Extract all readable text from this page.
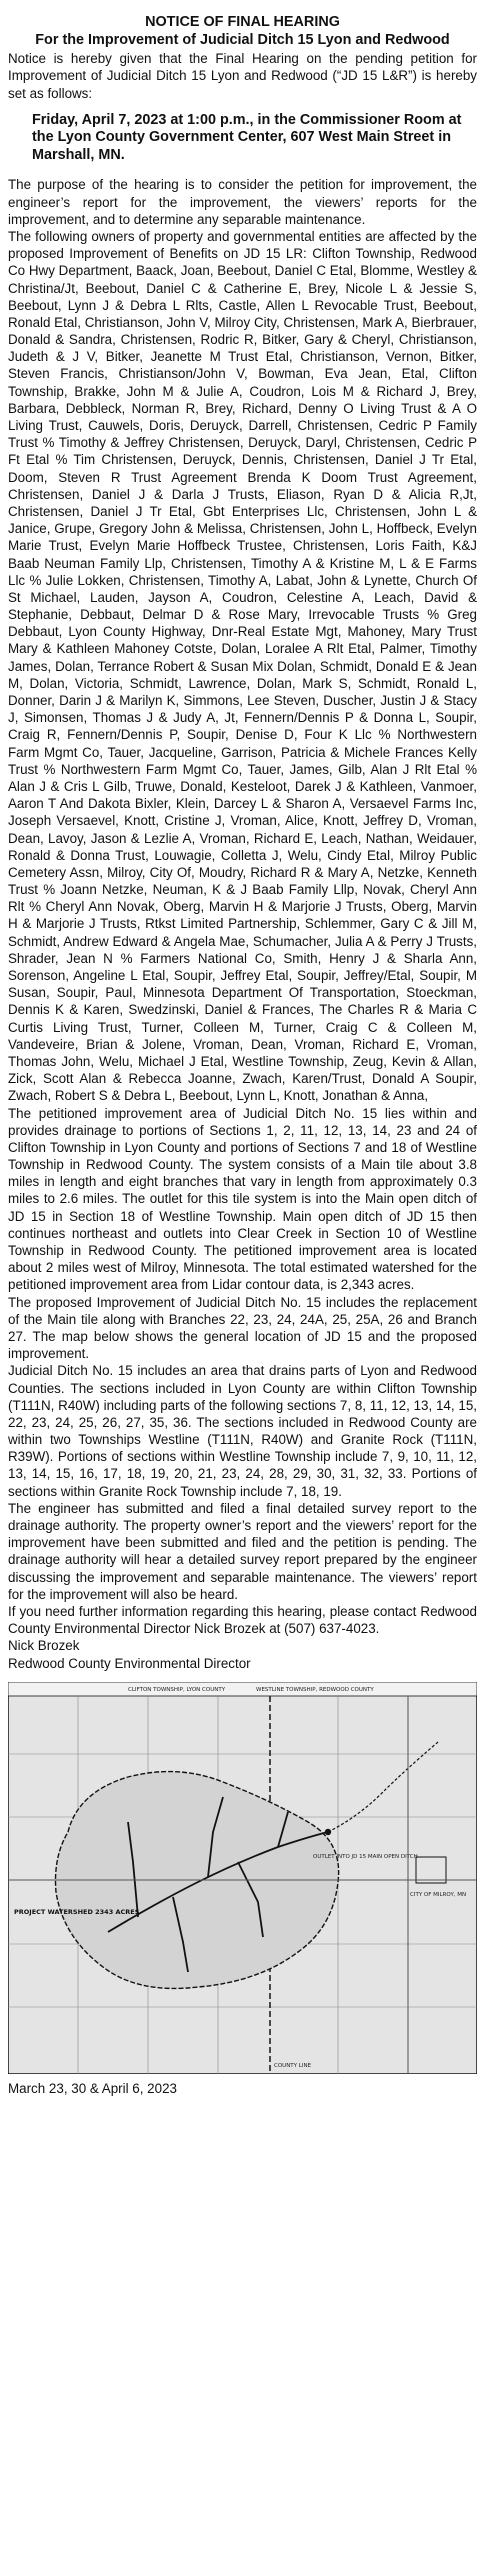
NOTICE OF FINAL HEARING
For the Improvement of Judicial Ditch 15 Lyon and Redwood

Notice is hereby given that the Final Hearing on the pending petition for Improvement of Judicial Ditch 15 Lyon and Redwood (“JD 15 L&R”) is hereby set as follows:

Friday, April 7, 2023 at 1:00 p.m., in the Commissioner Room at the Lyon County Government Center, 607 West Main Street in Marshall, MN.

The purpose of the hearing is to consider the petition for improvement, the engineer’s report for the improvement, the viewers’ reports for the improvement, and to determine any separable maintenance.

The following owners of property and governmental entities are affected by the proposed Improvement of Benefits on JD 15 LR: Clifton Township, Redwood Co Hwy Department, Baack, Joan, Beebout, Daniel C Etal, Blomme, Westley & Christina/Jt, Beebout, Daniel C & Catherine E, Brey, Nicole L & Jessie S, Beebout, Lynn J & Debra L Rlts, Castle, Allen L Revocable Trust, Beebout, Ronald Etal, Christianson, John V, Milroy City, Christensen, Mark A, Bierbrauer, Donald & Sandra, Christensen, Rodric R, Bitker, Gary & Cheryl, Christianson, Judeth & J V, Bitker, Jeanette M Trust Etal, Christianson, Vernon, Bitker, Steven Francis, Christianson/John V, Bowman, Eva Jean, Etal, Clifton Township, Brakke, John M & Julie A, Coudron, Lois M & Richard J, Brey, Barbara, Debbleck, Norman R, Brey, Richard, Denny O Living Trust & A O Living Trust, Cauwels, Doris, Deruyck, Darrell, Christensen, Cedric P Family Trust % Timothy & Jeffrey Christensen, Deruyck, Daryl, Christensen, Cedric P Ft Etal % Tim Christensen, Deruyck, Dennis, Christensen, Daniel J Tr Etal, Doom, Steven R Trust Agreement Brenda K Doom Trust Agreement, Christensen, Daniel J & Darla J Trusts, Eliason, Ryan D & Alicia R,Jt, Christensen, Daniel J Tr Etal, Gbt Enterprises Llc, Christensen, John L & Janice, Grupe, Gregory John & Melissa, Christensen, John L, Hoffbeck, Evelyn Marie Trust, Evelyn Marie Hoffbeck Trustee, Christensen, Loris Faith, K&J Baab Neuman Family Llp, Christensen, Timothy A & Kristine M, L & E Farms Llc % Julie Lokken, Christensen, Timothy A, Labat, John & Lynette, Church Of St Michael, Lauden, Jayson A, Coudron, Celestine A, Leach, David & Stephanie, Debbaut, Delmar D & Rose Mary, Irrevocable Trusts % Greg Debbaut, Lyon County Highway, Dnr-Real Estate Mgt, Mahoney, Mary Trust Mary & Kathleen Mahoney Cotste, Dolan, Loralee A Rlt Etal, Palmer, Timothy James, Dolan, Terrance Robert & Susan Mix Dolan, Schmidt, Donald E & Jean M, Dolan, Victoria, Schmidt, Lawrence, Dolan, Mark S, Schmidt, Ronald L, Donner, Darin J & Marilyn K, Simmons, Lee Steven, Duscher, Justin J & Stacy J, Simonsen, Thomas J & Judy A, Jt, Fennern/Dennis P & Donna L, Soupir, Craig R, Fennern/Dennis P, Soupir, Denise D, Four K Llc % Northwestern Farm Mgmt Co, Tauer, Jacqueline, Garrison, Patricia & Michele Frances Kelly Trust % Northwestern Farm Mgmt Co, Tauer, James, Gilb, Alan J Rlt Etal % Alan J & Cris L Gilb, Truwe, Donald, Kesteloot, Darek J & Kathleen, Vanmoer, Aaron T And Dakota Bixler, Klein, Darcey L & Sharon A, Versaevel Farms Inc, Joseph Versaevel, Knott, Cristine J, Vroman, Alice, Knott, Jeffrey D, Vroman, Dean, Lavoy, Jason & Lezlie A, Vroman, Richard E, Leach, Nathan, Weidauer, Ronald & Donna Trust, Louwagie, Colletta J, Welu, Cindy Etal, Milroy Public Cemetery Assn, Milroy, City Of, Moudry, Richard R & Mary A, Netzke, Kenneth Trust % Joann Netzke, Neuman, K & J Baab Family Lllp, Novak, Cheryl Ann Rlt % Cheryl Ann Novak, Oberg, Marvin H & Marjorie J Trusts, Oberg, Marvin H & Marjorie J Trusts, Rtkst Limited Partnership, Schlemmer, Gary C & Jill M, Schmidt, Andrew Edward & Angela Mae, Schumacher, Julia A & Perry J Trusts, Shrader, Jean N % Farmers National Co, Smith, Henry J & Sharla Ann, Sorenson, Angeline L Etal, Soupir, Jeffrey Etal, Soupir, Jeffrey/Etal, Soupir, M Susan, Soupir, Paul, Minnesota Department Of Transportation, Stoeckman, Dennis K & Karen, Swedzinski, Daniel & Frances, The Charles R & Maria C Curtis Living Trust, Turner, Colleen M, Turner, Craig C & Colleen M, Vandeveire, Brian & Jolene, Vroman, Dean, Vroman, Richard E, Vroman, Thomas John, Welu, Michael J Etal, Westline Township, Zeug, Kevin & Allan, Zick, Scott Alan & Rebecca Joanne, Zwach, Karen/Trust, Donald A Soupir, Zwach, Robert S & Debra L, Beebout, Lynn L, Knott, Jonathan & Anna,

The petitioned improvement area of Judicial Ditch No. 15 lies within and provides drainage to portions of Sections 1, 2, 11, 12, 13, 14, 23 and 24 of Clifton Township in Lyon County and portions of Sections 7 and 18 of Westline Township in Redwood County. The system consists of a Main tile about 3.8 miles in length and eight branches that vary in length from approximately 0.3 miles to 2.6 miles. The outlet for this tile system is into the Main open ditch of JD 15 in Section 18 of Westline Township. Main open ditch of JD 15 then continues northeast and outlets into Clear Creek in Section 10 of Westline Township in Redwood County. The petitioned improvement area is located about 2 miles west of Milroy, Minnesota. The total estimated watershed for the petitioned improvement area from Lidar contour data, is 2,343 acres.

The proposed Improvement of Judicial Ditch No. 15 includes the replacement of the Main tile along with Branches 22, 23, 24, 24A, 25, 25A, 26 and Branch 27. The map below shows the general location of JD 15 and the proposed improvement.

Judicial Ditch No. 15 includes an area that drains parts of Lyon and Redwood Counties. The sections included in Lyon County are within Clifton Township (T111N, R40W) including parts of the following sections 7, 8, 11, 12, 13, 14, 15, 22, 23, 24, 25, 26, 27, 35, 36. The sections included in Redwood County are within two Townships Westline (T111N, R40W) and Granite Rock (T111N, R39W). Portions of sections within Westline Township include 7, 9, 10, 11, 12, 13, 14, 15, 16, 17, 18, 19, 20, 21, 23, 24, 28, 29, 30, 31, 32, 33. Portions of sections within Granite Rock Township include 7, 18, 19.

The engineer has submitted and filed a final detailed survey report to the drainage authority. The property owner’s report and the viewers’ report for the improvement have been submitted and filed and the petition is pending. The drainage authority will hear a detailed survey report prepared by the engineer discussing the improvement and separable maintenance. The viewers’ report for the improvement will also be heard.

If you need further information regarding this hearing, please contact Redwood County Environmental Director Nick Brozek at (507) 637-4023.

Nick Brozek

Redwood County Environmental Director

CLIFTON TOWNSHIP, LYON COUNTY	WESTLINE TOWNSHIP, REDWOOD COUNTY
COUNTY LINE
OUTLET INTO JD 15 MAIN OPEN DITCH
PROJECT WATERSHED 2343 ACRES
CITY OF MILROY, MN
March 23, 30 & April 6, 2023
